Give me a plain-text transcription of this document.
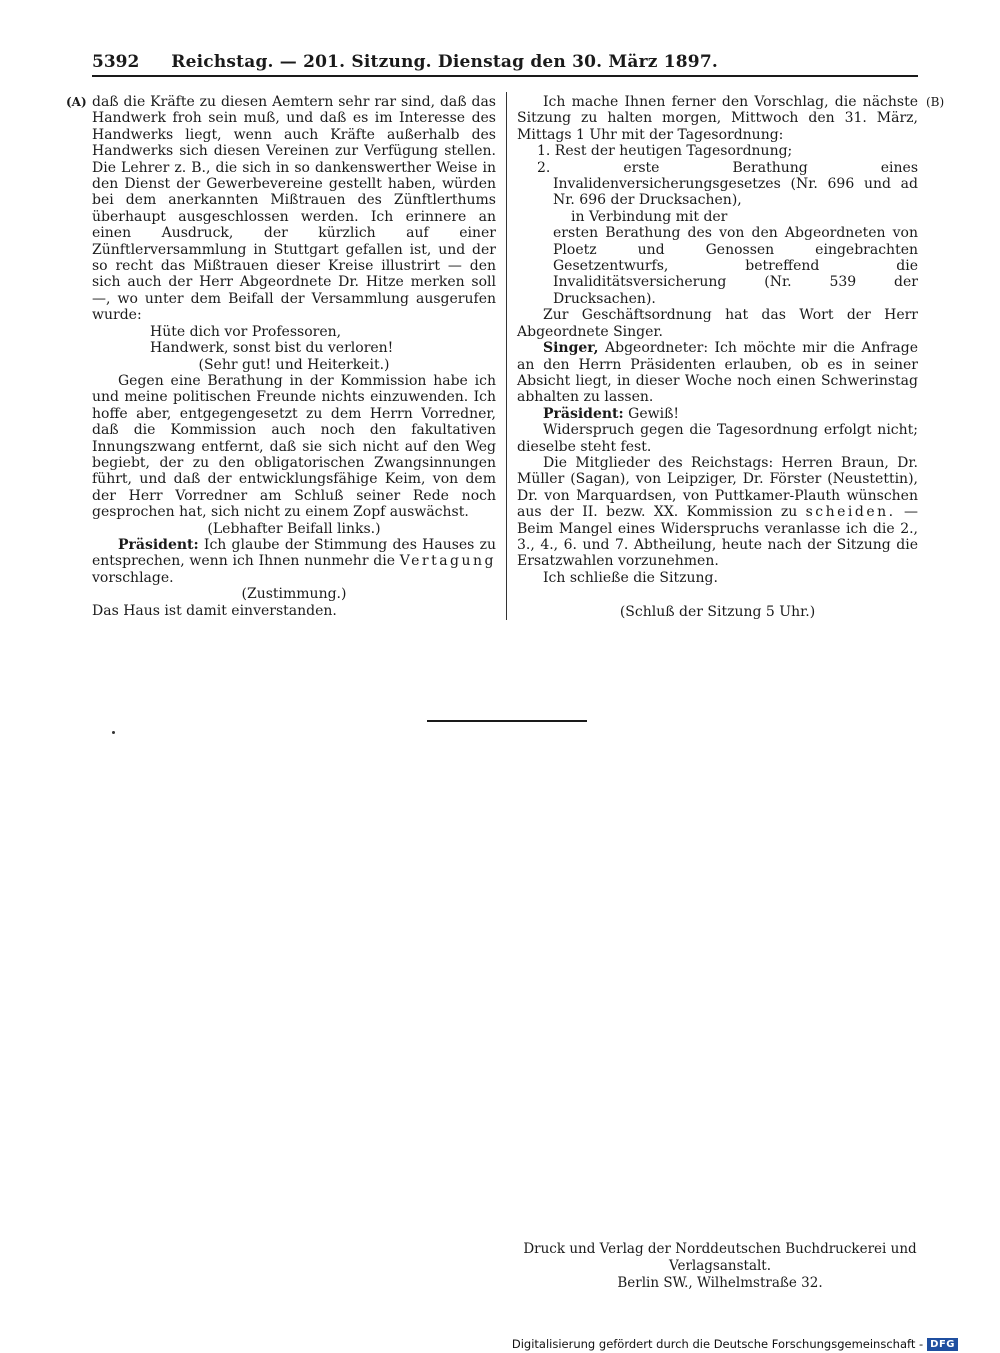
5392 Reichstag. — 201. Sitzung. Dienstag den 30. März 1897.
(A)	(B)

daß die Kräfte zu diesen Aemtern sehr rar sind, daß das Handwerk froh sein muß, und daß es im Interesse des Handwerks liegt, wenn auch Kräfte außerhalb des Handwerks sich diesen Vereinen zur Verfügung stellen. Die Lehrer z. B., die sich in so dankenswerther Weise in den Dienst der Gewerbevereine gestellt haben, würden bei dem anerkannten Mißtrauen des Zünftlerthums überhaupt ausgeschlossen werden. Ich erinnere an einen Ausdruck, der kürzlich auf einer Zünftlerversammlung in Stuttgart gefallen ist, und der so recht das Mißtrauen dieser Kreise illustrirt — den sich auch der Herr Abgeordnete Dr. Hitze merken soll —, wo unter dem Beifall der Versammlung ausgerufen wurde:

Hüte dich vor Professoren,

Handwerk, sonst bist du verloren!

(Sehr gut! und Heiterkeit.)

Gegen eine Berathung in der Kommission habe ich und meine politischen Freunde nichts einzuwenden. Ich hoffe aber, entgegengesetzt zu dem Herrn Vorredner, daß die Kommission auch noch den fakultativen Innungszwang entfernt, daß sie sich nicht auf den Weg begiebt, der zu den obligatorischen Zwangsinnungen führt, und daß der entwicklungsfähige Keim, von dem der Herr Vorredner am Schluß seiner Rede noch gesprochen hat, sich nicht zu einem Zopf auswächst.

(Lebhafter Beifall links.)

Präsident: Ich glaube der Stimmung des Hauses zu entsprechen, wenn ich Ihnen nunmehr die Vertagung vorschlage.

(Zustimmung.)

Das Haus ist damit einverstanden.

Ich mache Ihnen ferner den Vorschlag, die nächste Sitzung zu halten morgen, Mittwoch den 31. März, Mittags 1 Uhr mit der Tagesordnung:

1. Rest der heutigen Tagesordnung;

2. erste Berathung eines Invalidenversicherungsgesetzes (Nr. 696 und ad Nr. 696 der Drucksachen),

in Verbindung mit der

ersten Berathung des von den Abgeordneten von Ploetz und Genossen eingebrachten Gesetzentwurfs, betreffend die Invaliditätsversicherung (Nr. 539 der Drucksachen).

Zur Geschäftsordnung hat das Wort der Herr Abgeordnete Singer.

Singer, Abgeordneter: Ich möchte mir die Anfrage an den Herrn Präsidenten erlauben, ob es in seiner Absicht liegt, in dieser Woche noch einen Schwerinstag abhalten zu lassen.

Präsident: Gewiß!

Widerspruch gegen die Tagesordnung erfolgt nicht; dieselbe steht fest.

Die Mitglieder des Reichstags: Herren Braun, Dr. Müller (Sagan), von Leipziger, Dr. Förster (Neustettin), Dr. von Marquardsen, von Puttkamer-Plauth wünschen aus der II. bezw. XX. Kommission zu scheiden. — Beim Mangel eines Widerspruchs veranlasse ich die 2., 3., 4., 6. und 7. Abtheilung, heute nach der Sitzung die Ersatzwahlen vorzunehmen.

Ich schließe die Sitzung.

(Schluß der Sitzung 5 Uhr.)

Druck und Verlag der Norddeutschen Buchdruckerei und Verlagsanstalt.
Berlin SW., Wilhelmstraße 32.
Digitalisierung gefördert durch die Deutsche Forschungsgemeinschaft - DFG
